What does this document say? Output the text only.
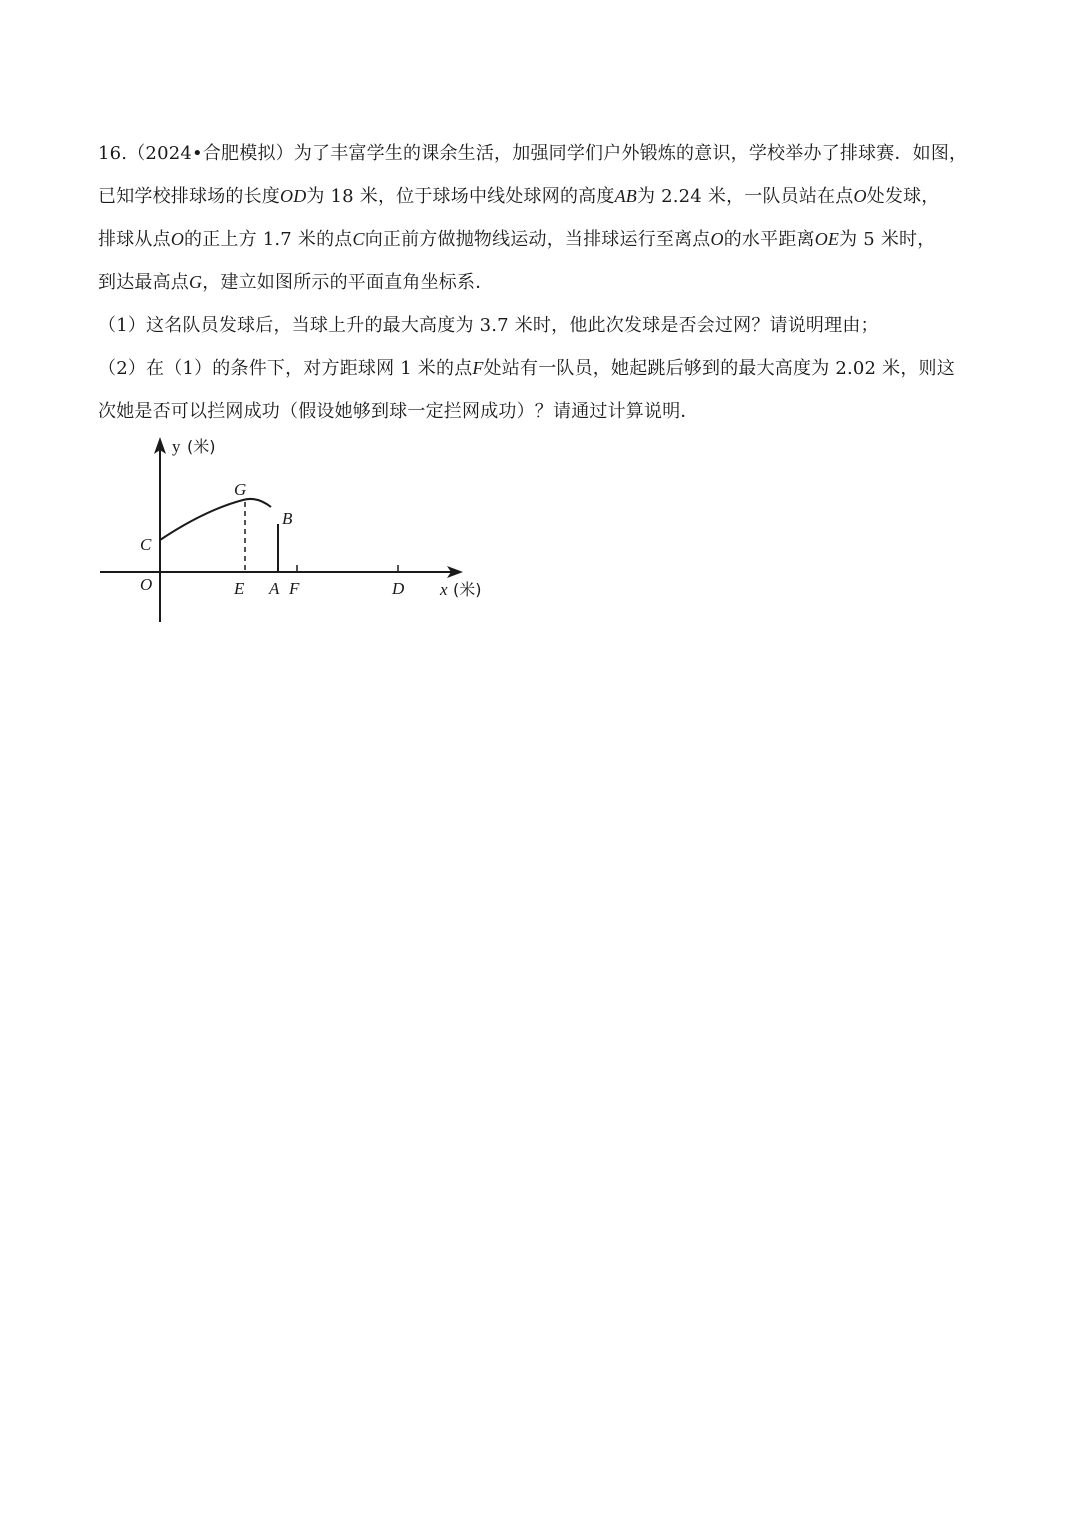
16.（2024•合肥模拟）为了丰富学生的课余生活，加强同学们户外锻炼的意识，学校举办了排球赛．如图，
已知学校排球场的长度OD为 18 米，位于球场中线处球网的高度AB为 2.24 米，一队员站在点O处发球，
排球从点O的正上方 1.7 米的点C向正前方做抛物线运动，当排球运行至离点O的水平距离OE为 5 米时，
到达最高点G，建立如图所示的平面直角坐标系．
（1）这名队员发球后，当球上升的最大高度为 3.7 米时，他此次发球是否会过网？请说明理由；
（2）在（1）的条件下，对方距球网 1 米的点F处站有一队员，她起跳后够到的最大高度为 2.02 米，则这
次她是否可以拦网成功（假设她够到球一定拦网成功）？请通过计算说明．
y (米)
G
B
C
O	E A F	D x (米)
